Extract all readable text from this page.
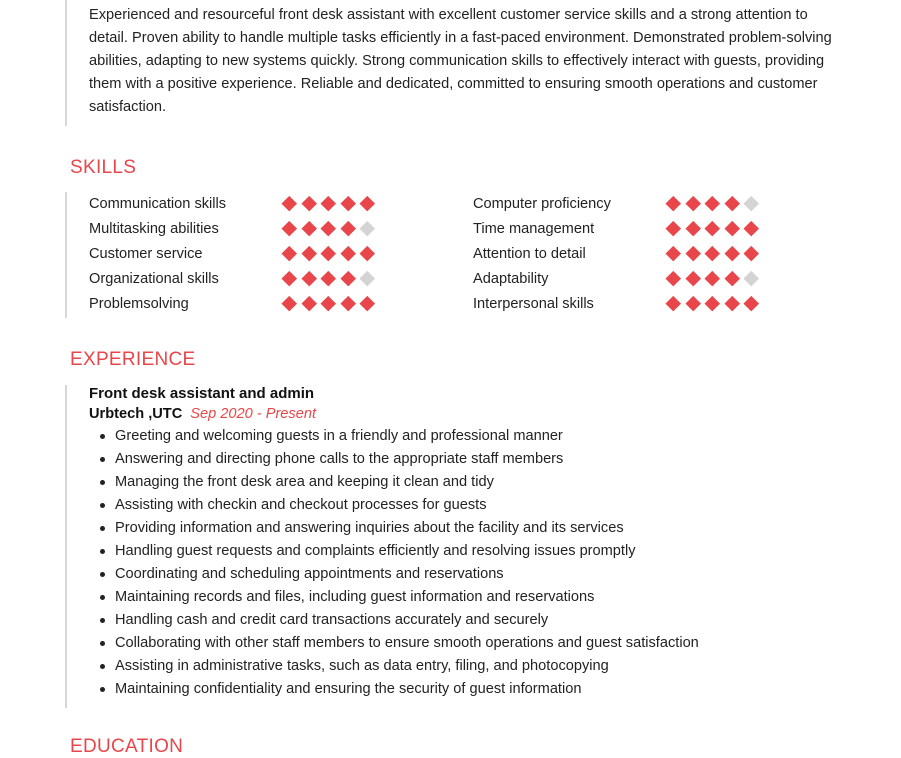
Experienced and resourceful front desk assistant with excellent customer service skills and a strong attention to detail. Proven ability to handle multiple tasks efficiently in a fast-paced environment. Demonstrated problem-solving abilities, adapting to new systems quickly. Strong communication skills to effectively interact with guests, providing them with a positive experience. Reliable and dedicated, committed to ensuring smooth operations and customer satisfaction.

SKILLS
Communication skills
Multitasking abilities
Customer service
Organizational skills
Problemsolving
Computer proficiency
Time management
Attention to detail
Adaptability
Interpersonal skills
EXPERIENCE
Front desk assistant and admin
Urbtech ,UTC Sep 2020 - Present
Greeting and welcoming guests in a friendly and professional manner
Answering and directing phone calls to the appropriate staff members
Managing the front desk area and keeping it clean and tidy
Assisting with checkin and checkout processes for guests
Providing information and answering inquiries about the facility and its services
Handling guest requests and complaints efficiently and resolving issues promptly
Coordinating and scheduling appointments and reservations
Maintaining records and files, including guest information and reservations
Handling cash and credit card transactions accurately and securely
Collaborating with other staff members to ensure smooth operations and guest satisfaction
Assisting in administrative tasks, such as data entry, filing, and photocopying
Maintaining confidentiality and ensuring the security of guest information
EDUCATION
